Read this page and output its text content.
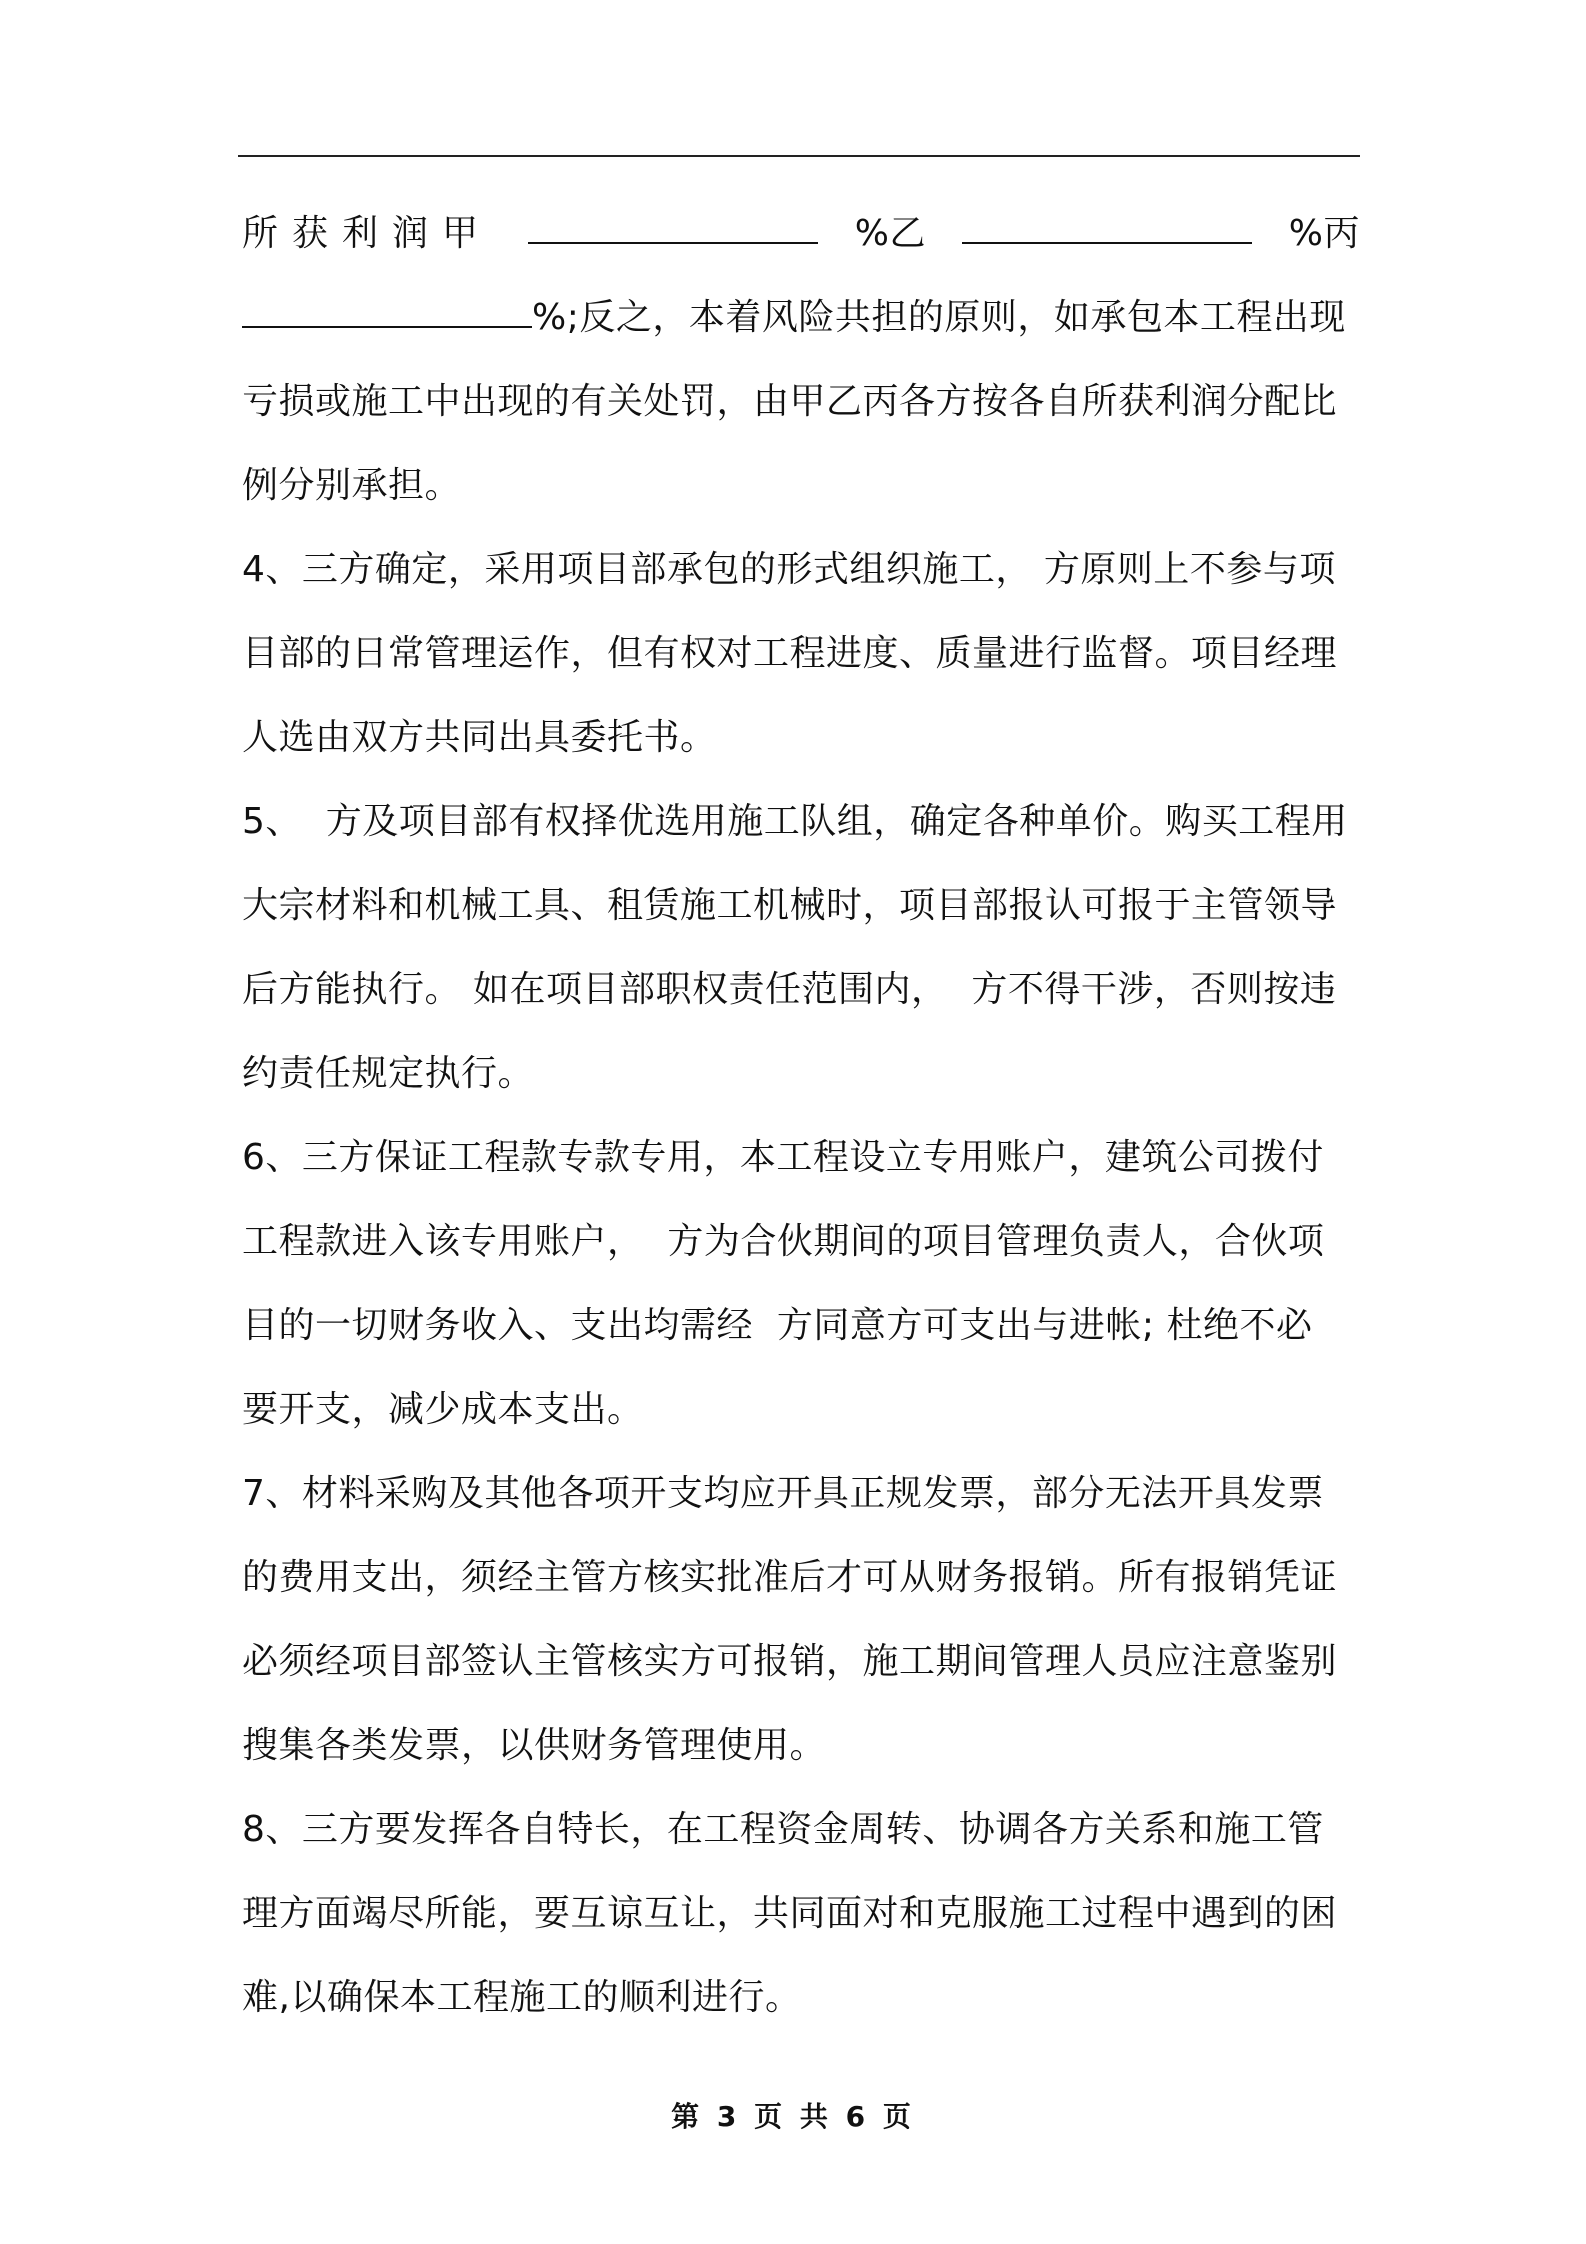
所获利润甲	%乙	%丙
%;反之，本着风险共担的原则，如承包本工程出现
亏损或施工中出现的有关处罚，由甲乙丙各方按各自所获利润分配比
例分别承担。
4、三方确定，采用项目部承包的形式组织施工， 方原则上不参与项
目部的日常管理运作，但有权对工程进度、质量进行监督。项目经理
人选由双方共同出具委托书。
5、  方及项目部有权择优选用施工队组，确定各种单价。购买工程用
大宗材料和机械工具、租赁施工机械时，项目部报认可报于主管领导
后方能执行。 如在项目部职权责任范围内，  方不得干涉，否则按违
约责任规定执行。
6、三方保证工程款专款专用，本工程设立专用账户，建筑公司拨付
工程款进入该专用账户，  方为合伙期间的项目管理负责人，合伙项
目的一切财务收入、支出均需经  方同意方可支出与进帐; 杜绝不必
要开支，减少成本支出。
7、材料采购及其他各项开支均应开具正规发票，部分无法开具发票
的费用支出，须经主管方核实批准后才可从财务报销。所有报销凭证
必须经项目部签认主管核实方可报销，施工期间管理人员应注意鉴别
搜集各类发票，以供财务管理使用。
8、三方要发挥各自特长，在工程资金周转、协调各方关系和施工管
理方面竭尽所能，要互谅互让，共同面对和克服施工过程中遇到的困
难,以确保本工程施工的顺利进行。
第 3 页 共 6 页
